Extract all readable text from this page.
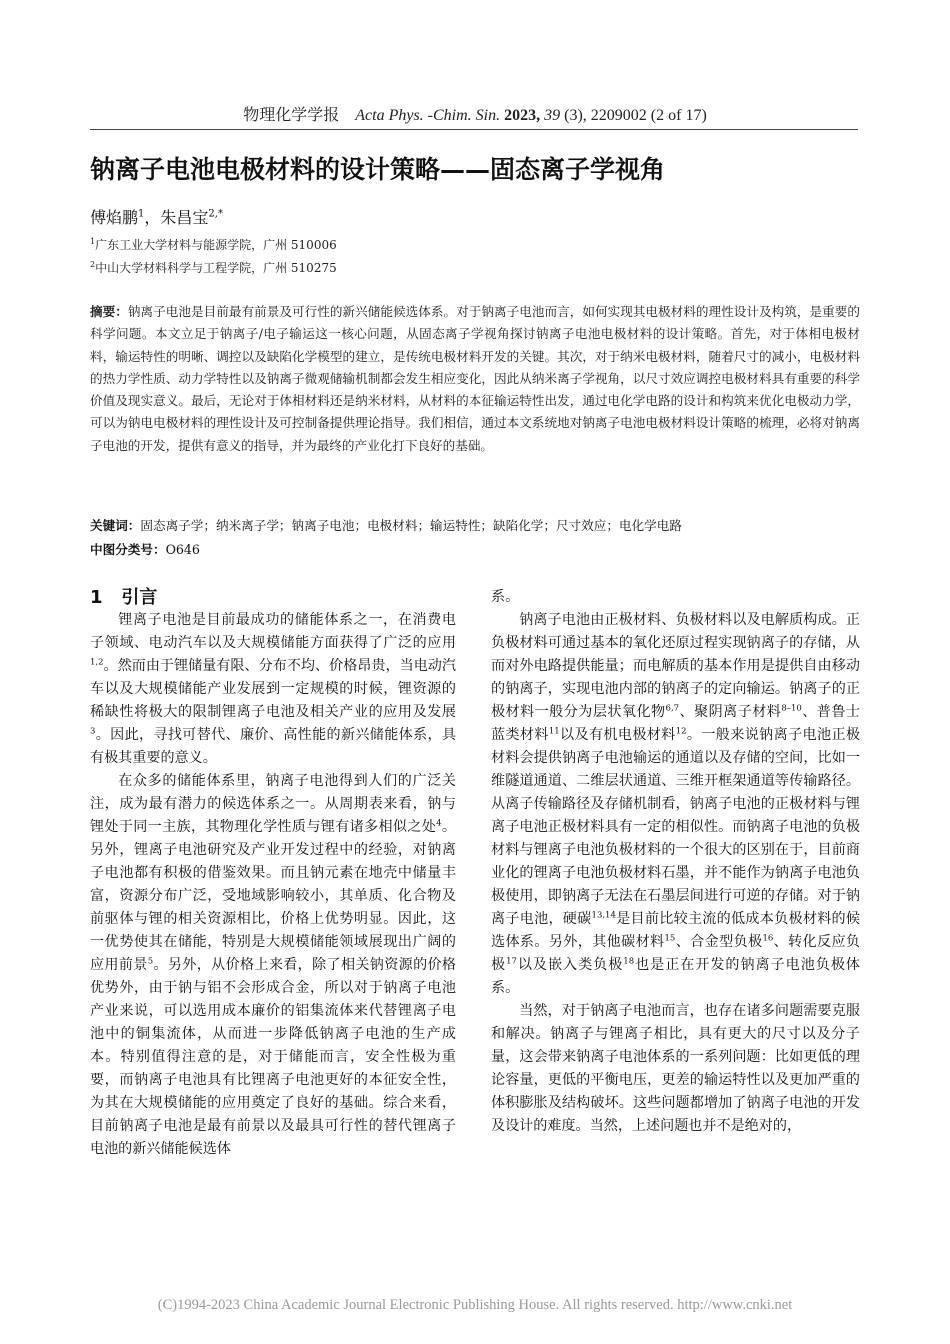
物理化学学报 Acta Phys. -Chim. Sin. 2023, 39 (3), 2209002 (2 of 17)
钠离子电池电极材料的设计策略——固态离子学视角
傅焰鹏$^1$，朱昌宝$^{2,*}$
$^1$广东工业大学材料与能源学院，广州 510006
$^2$中山大学材料科学与工程学院，广州 510275
摘要：钠离子电池是目前最有前景及可行性的新兴储能候选体系。对于钠离子电池而言，如何实现其电极材料的理性设计及构筑，是重要的科学问题。本文立足于钠离子/电子输运这一核心问题，从固态离子学视角探讨钠离子电池电极材料的设计策略。首先，对于体相电极材料，输运特性的明晰、调控以及缺陷化学模型的建立，是传统电极材料开发的关键。其次，对于纳米电极材料，随着尺寸的减小，电极材料的热力学性质、动力学特性以及钠离子微观储输机制都会发生相应变化，因此从纳米离子学视角，以尺寸效应调控电极材料具有重要的科学价值及现实意义。最后，无论对于体相材料还是纳米材料，从材料的本征输运特性出发，通过电化学电路的设计和构筑来优化电极动力学，可以为钠电电极材料的理性设计及可控制备提供理论指导。我们相信，通过本文系统地对钠离子电池电极材料设计策略的梳理，必将对钠离子电池的开发，提供有意义的指导，并为最终的产业化打下良好的基础。
关键词：固态离子学；纳米离子学；钠离子电池；电极材料；输运特性；缺陷化学；尺寸效应；电化学电路
中图分类号：O646
1 引言

锂离子电池是目前最成功的储能体系之一，在消费电子领域、电动汽车以及大规模储能方面获得了广泛的应用$^{1,2}$。然而由于锂储量有限、分布不均、价格昂贵，当电动汽车以及大规模储能产业发展到一定规模的时候，锂资源的稀缺性将极大的限制锂离子电池及相关产业的应用及发展$^3$。因此，寻找可替代、廉价、高性能的新兴储能体系，具有极其重要的意义。

在众多的储能体系里，钠离子电池得到人们的广泛关注，成为最有潜力的候选体系之一。从周期表来看，钠与锂处于同一主族，其物理化学性质与锂有诸多相似之处$^4$。另外，锂离子电池研究及产业开发过程中的经验，对钠离子电池都有积极的借鉴效果。而且钠元素在地壳中储量丰富，资源分布广泛，受地域影响较小，其单质、化合物及前驱体与锂的相关资源相比，价格上优势明显。因此，这一优势使其在储能，特别是大规模储能领域展现出广阔的应用前景$^5$。另外，从价格上来看，除了相关钠资源的价格优势外，由于钠与铝不会形成合金，所以对于钠离子电池产业来说，可以选用成本廉价的铝集流体来代替锂离子电池中的铜集流体，从而进一步降低钠离子电池的生产成本。特别值得注意的是，对于储能而言，安全性极为重要，而钠离子电池具有比锂离子电池更好的本征安全性，为其在大规模储能的应用奠定了良好的基础。综合来看，目前钠离子电池是最有前景以及最具可行性的替代锂离子电池的新兴储能候选体

系。

钠离子电池由正极材料、负极材料以及电解质构成。正负极材料可通过基本的氧化还原过程实现钠离子的存储，从而对外电路提供能量；而电解质的基本作用是提供自由移动的钠离子，实现电池内部的钠离子的定向输运。钠离子的正极材料一般分为层状氧化物$^{6,7}$、聚阴离子材料$^{8-10}$、普鲁士蓝类材料$^{11}$以及有机电极材料$^{12}$。一般来说钠离子电池正极材料会提供钠离子电池输运的通道以及存储的空间，比如一维隧道通道、二维层状通道、三维开框架通道等传输路径。从离子传输路径及存储机制看，钠离子电池的正极材料与锂离子电池正极材料具有一定的相似性。而钠离子电池的负极材料与锂离子电池负极材料的一个很大的区别在于，目前商业化的锂离子电池负极材料石墨，并不能作为钠离子电池负极使用，即钠离子无法在石墨层间进行可逆的存储。对于钠离子电池，硬碳$^{13,14}$是目前比较主流的低成本负极材料的候选体系。另外，其他碳材料$^{15}$、合金型负极$^{16}$、转化反应负极$^{17}$以及嵌入类负极$^{18}$也是正在开发的钠离子电池负极体系。

当然，对于钠离子电池而言，也存在诸多问题需要克服和解决。钠离子与锂离子相比，具有更大的尺寸以及分子量，这会带来钠离子电池体系的一系列问题：比如更低的理论容量，更低的平衡电压，更差的输运特性以及更加严重的体积膨胀及结构破坏。这些问题都增加了钠离子电池的开发及设计的难度。当然，上述问题也并不是绝对的，

(C)1994-2023 China Academic Journal Electronic Publishing House. All rights reserved. http://www.cnki.net
